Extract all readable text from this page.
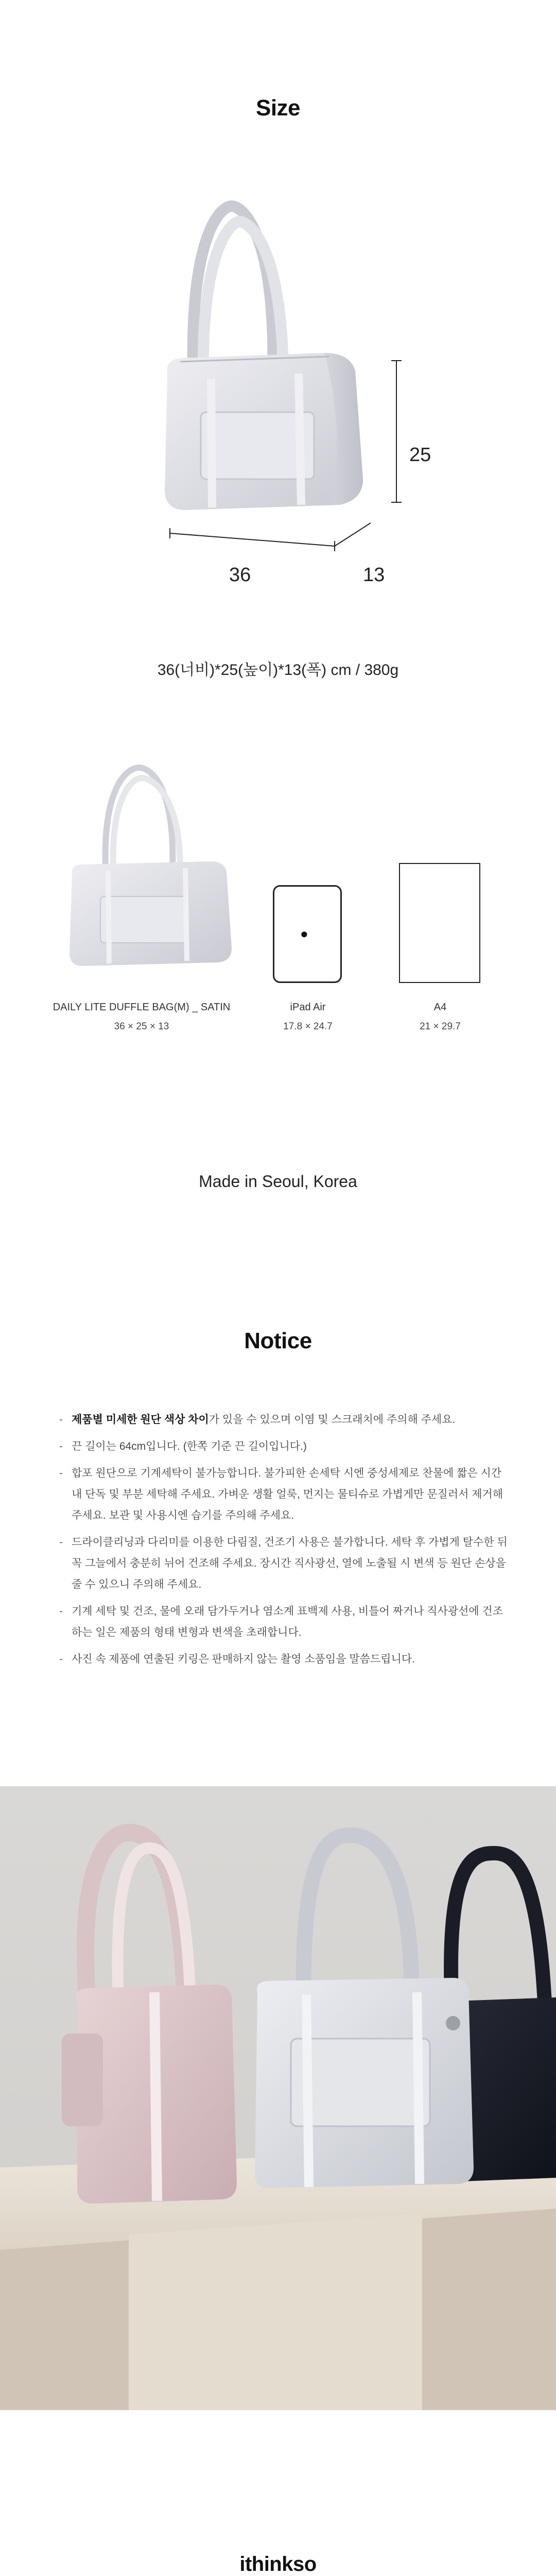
Size
25
36	13
36(너비)*25(높이)*13(폭) cm / 380g
●
DAILY LITE DUFFLE BAG(M) _ SATIN
36 × 25 × 13
iPad Air
17.8 × 24.7
A4
21 × 29.7
Made in Seoul, Korea
Notice
- 제품별 미세한 원단 색상 차이가 있을 수 있으며 이염 및 스크래치에 주의해 주세요.
- 끈 길이는 64cm입니다. (한쪽 기준 끈 길이입니다.)
- 합포 원단으로 기계세탁이 불가능합니다. 불가피한 손세탁 시엔 중성세제로 찬물에 짧은 시간 내 단독 및 부분 세탁해 주세요. 가벼운 생활 얼룩, 먼지는 물티슈로 가볍게만 문질러서 제거해 주세요. 보관 및 사용시엔 습기를 주의해 주세요.
- 드라이클리닝과 다리미를 이용한 다림질, 건조기 사용은 불가합니다. 세탁 후 가볍게 탈수한 뒤 꼭 그늘에서 충분히 뉘어 건조해 주세요. 장시간 직사광선, 열에 노출될 시 변색 등 원단 손상을 줄 수 있으니 주의해 주세요.
- 기계 세탁 및 건조, 물에 오래 담가두거나 염소계 표백제 사용, 비틀어 짜거나 직사광선에 건조하는 일은 제품의 형태 변형과 변색을 초래합니다.
- 사진 속 제품에 연출된 키링은 판매하지 않는 촬영 소품임을 말씀드립니다.
ithinkso
